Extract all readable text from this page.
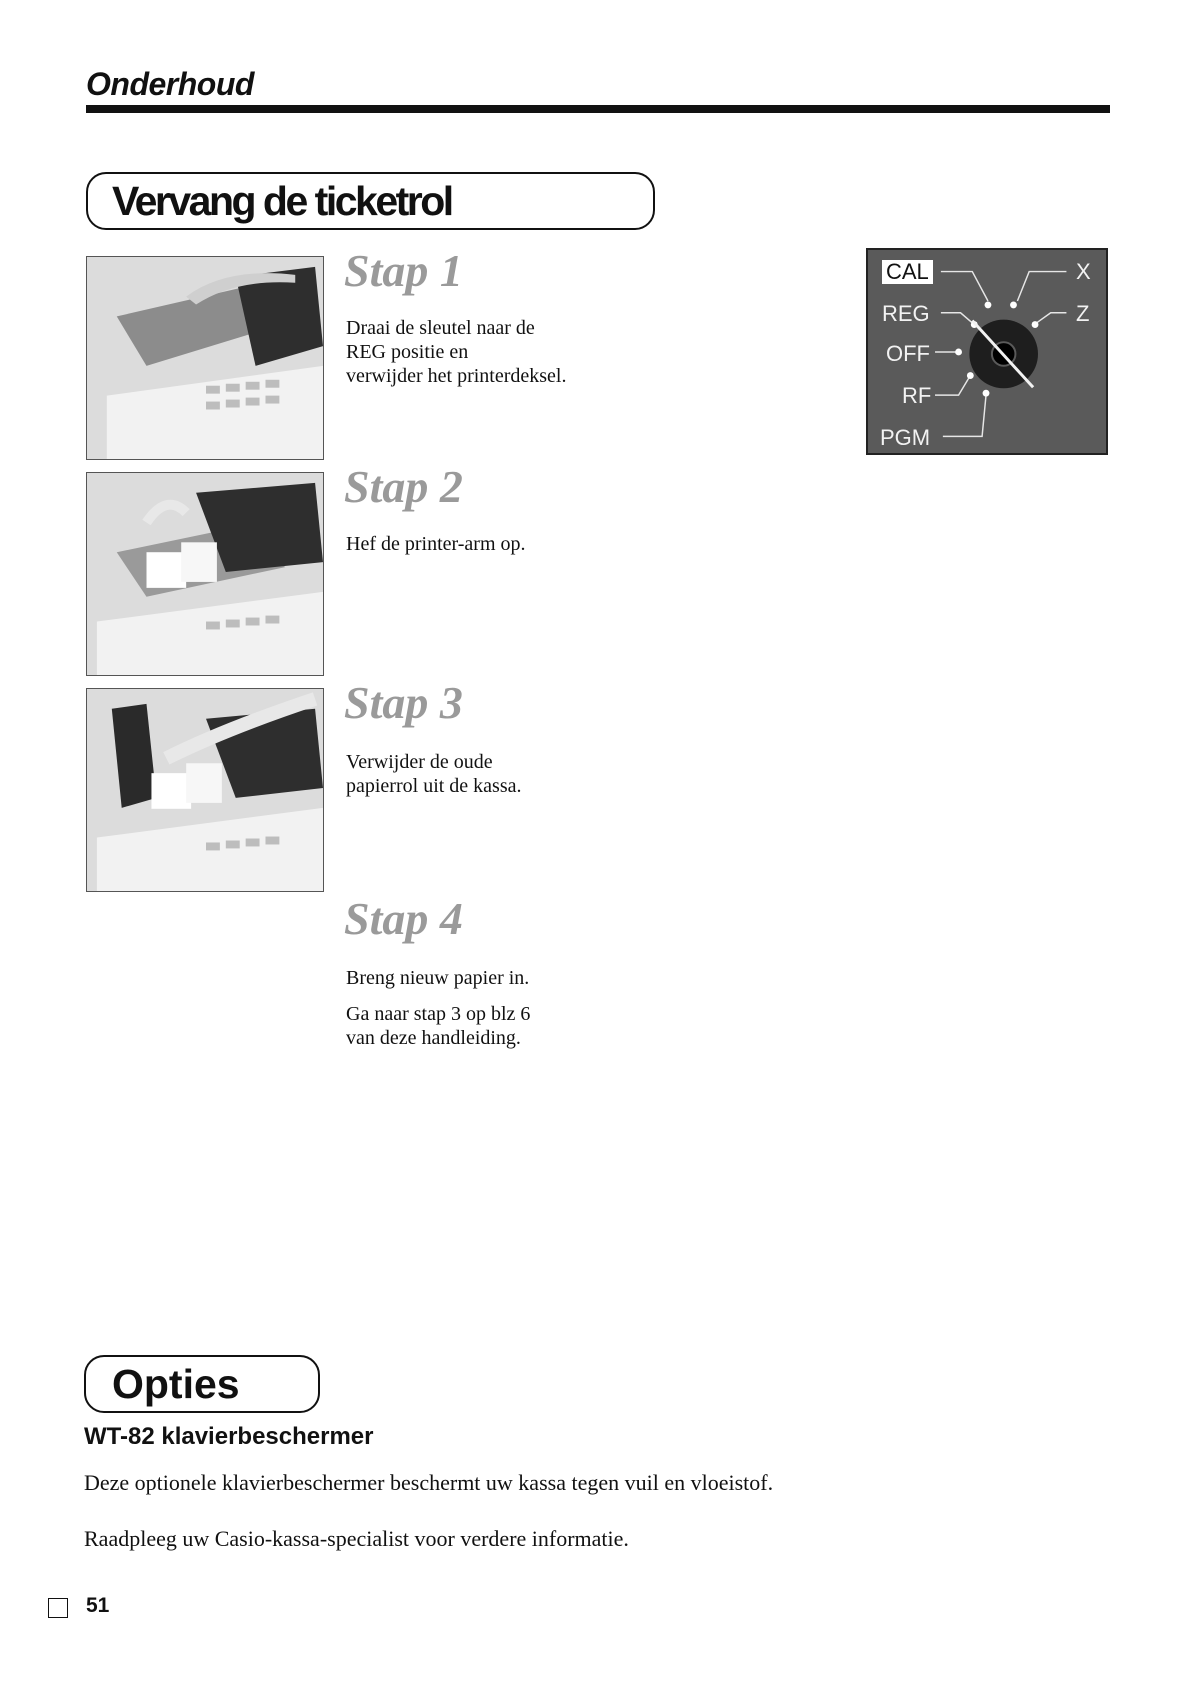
Onderhoud
Vervang de ticketrol
Stap 1

Draai de sleutel naar de
REG positie en
verwijder het printerdeksel.

Stap 2

Hef de printer-arm op.

Stap 3

Verwijder de oude
papierrol uit de kassa.

Stap 4

Breng nieuw papier in.

Ga naar stap 3 op blz 6
van deze handleiding.

CAL
REG
OFF
RF
PGM
X
Z
Opties
WT-82 klavierbeschermer

Deze optionele klavierbeschermer beschermt uw kassa tegen vuil en vloeistof.

Raadpleeg uw Casio-kassa-specialist voor verdere informatie.

51
